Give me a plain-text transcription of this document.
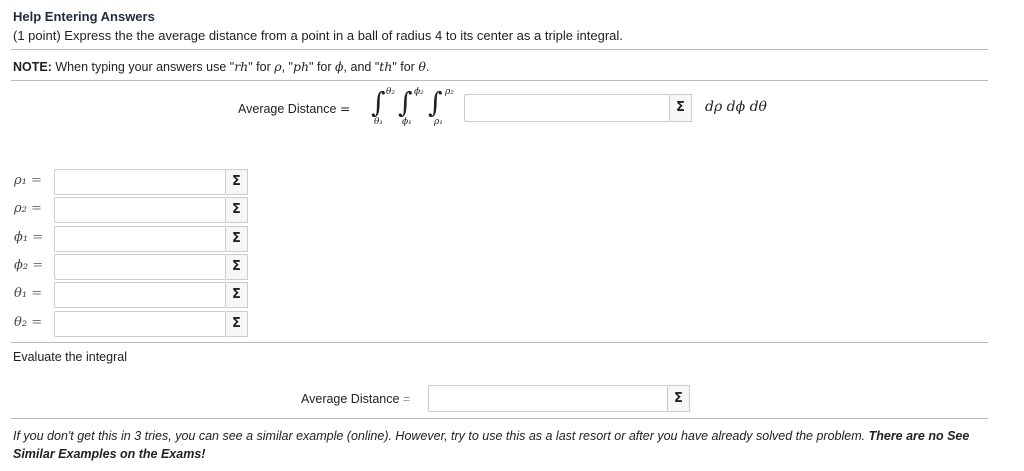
Help Entering Answers
(1 point) Express the the average distance from a point in a ball of radius 4 to its center as a triple integral.
NOTE: When typing your answers use "rh" for ρ, "ph" for ϕ, and "th" for θ.
Average Distance = ∫ θ₂
θ₁
∫ ϕ₂
ϕ₁
∫ ρ₂
ρ₁
Σ	dρ dϕ dθ
ρ₁ =	Σ
ρ₂ =	Σ
ϕ₁ =	Σ
ϕ₂ =	Σ
θ₁ =	Σ
θ₂ =	Σ
Evaluate the integral
Average Distance =	Σ
If you don't get this in 3 tries, you can see a similar example (online). However, try to use this as a last resort or after you have already solved the problem. There are no See Similar Examples on the Exams!
